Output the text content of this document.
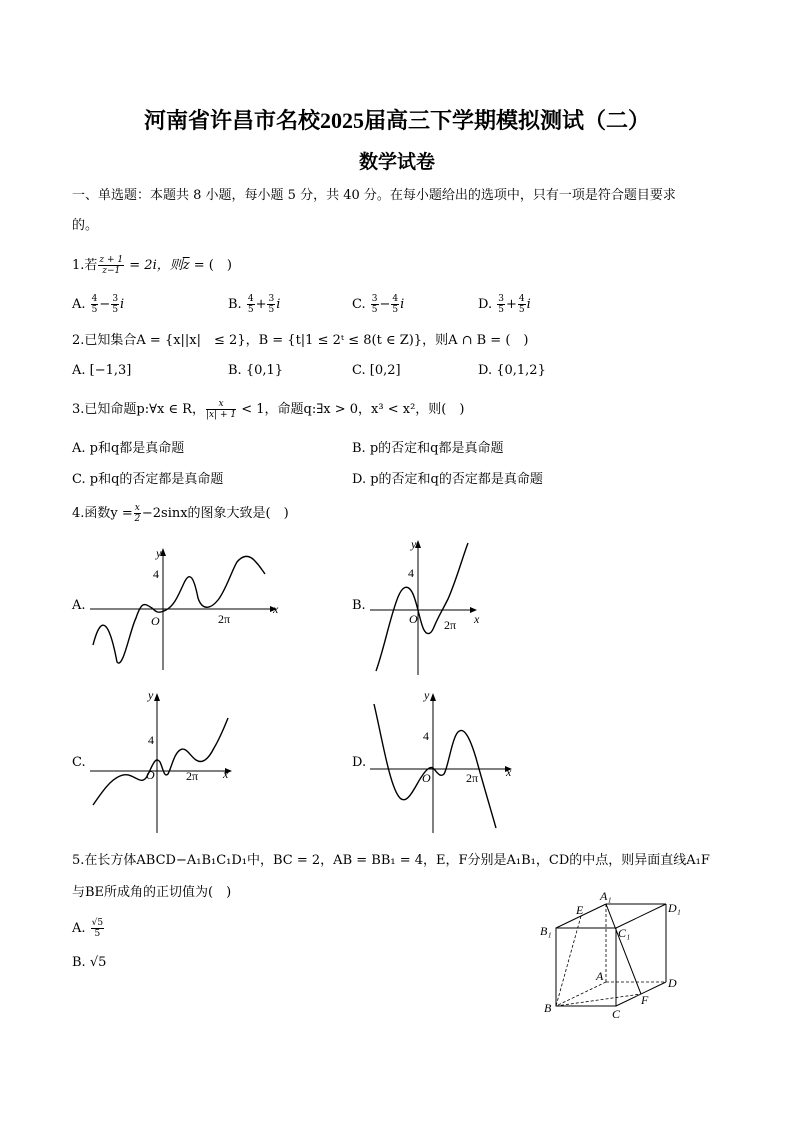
河南省许昌市名校2025届高三下学期模拟测试（二）
数学试卷
一、单选题：本题共 8 小题，每小题 5 分，共 40 分。在每小题给出的选项中，只有一项是符合题目要求
的。
1.若 $\frac{z + 1}{z-1} = 2i$，则$\overline{z}$ = (　)
A. $\frac{4}{5} - \frac{3}{5}$ i	B. $\frac{4}{5} + \frac{3}{5}$ i	C. $\frac{3}{5} - \frac{4}{5}$ i	D. $\frac{3}{5} + \frac{4}{5}$ i
2.已知集合A = {x||x|　≤ 2}，B = {t|1 ≤ 2ᵗ ≤ 8(t ∈ Z)}，则A ∩ B = (　)
A. [−1,3]	B. {0,1}	C. [0,2]	D. {0,1,2}
3.已知命题p:∀x ∈ R， $\frac{x}{|x| + 1} < 1$，命题q:∃x > 0，x³ < x²，则(　)
A. p和q都是真命题	B. p的否定和q都是真命题
C. p和q的否定都是真命题	D. p的否定和q的否定都是真命题
4.函数$y = \frac{x}{2} -2\sin x$的图象大致是(　)
A.	B.
C.	D.
y
x
O
4
2π
y
x
O
4
2π
y
x
O
4
2π
y
x
O
4
2π
5.在长方体ABCD−A₁B₁C₁D₁中，BC = 2，AB = BB₁ = 4，E，F分别是A₁B₁，CD的中点，则异面直线A₁F
与BE所成角的正切值为(　)
A. $\frac{√5}{5}$
B. √5
A₁
D₁
B₁	C₁
E
A	D
B	C
F
